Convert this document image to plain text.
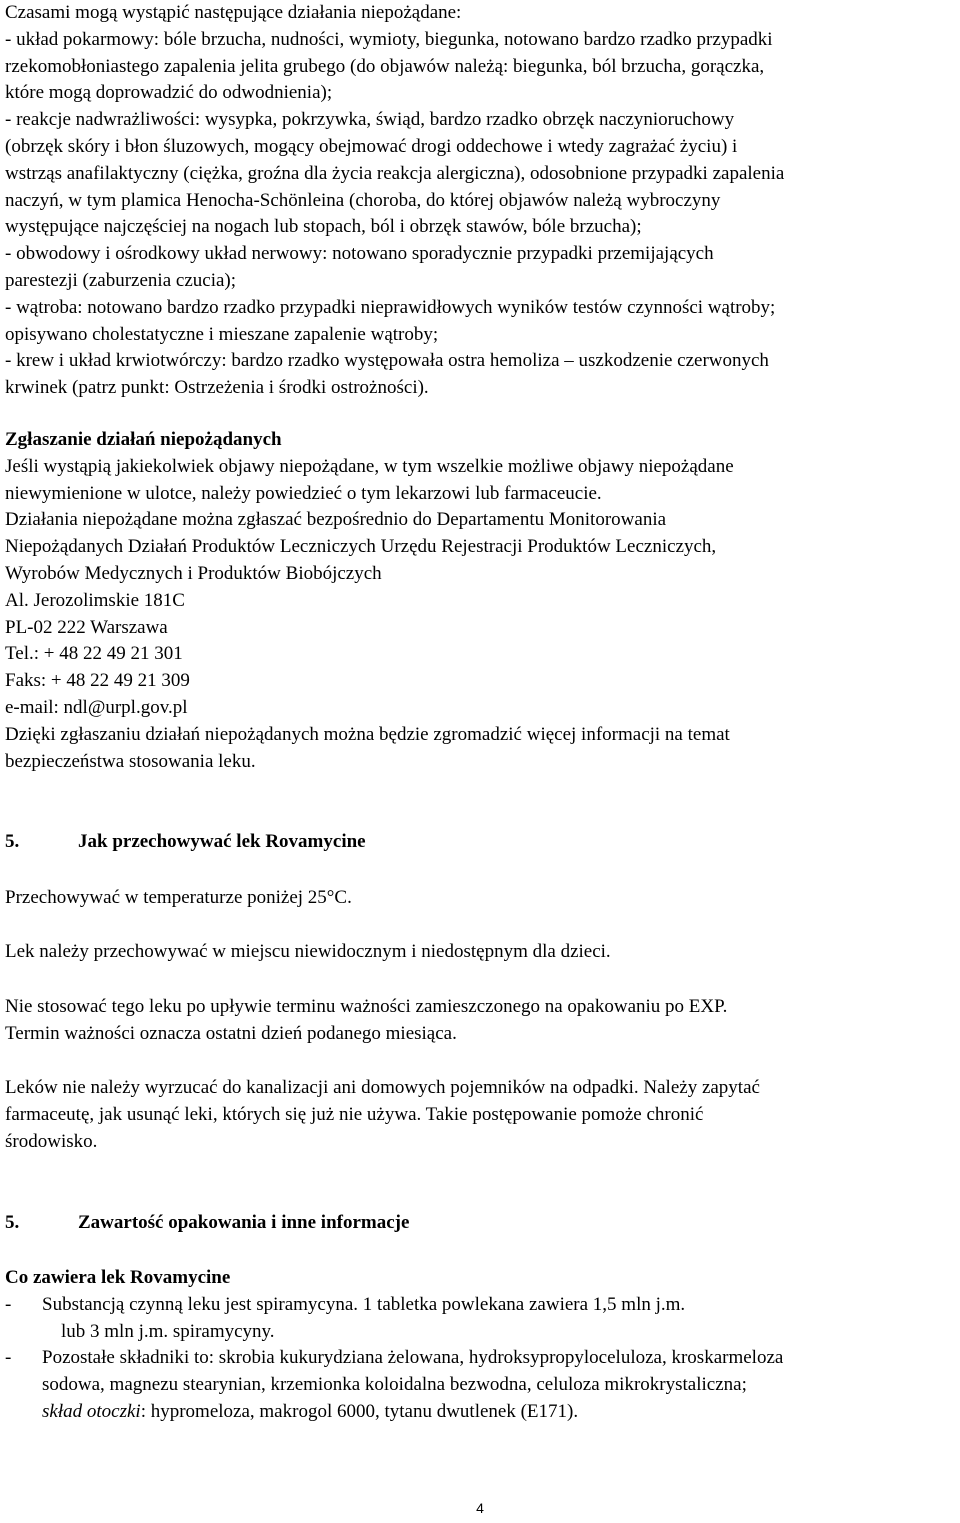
Czasami mogą wystąpić następujące działania niepożądane:
- układ pokarmowy: bóle brzucha, nudności, wymioty, biegunka, notowano bardzo rzadko przypadki
rzekomobłoniastego zapalenia jelita grubego (do objawów należą: biegunka, ból brzucha, gorączka,
które mogą doprowadzić do odwodnienia);
- reakcje nadwrażliwości: wysypka, pokrzywka, świąd, bardzo rzadko obrzęk naczynioruchowy
(obrzęk skóry i błon śluzowych, mogący obejmować drogi oddechowe i wtedy zagrażać życiu) i
wstrząs anafilaktyczny (ciężka, groźna dla życia reakcja alergiczna), odosobnione przypadki zapalenia
naczyń, w tym plamica Henocha-Schönleina (choroba, do której objawów należą wybroczyny
występujące najczęściej na nogach lub stopach, ból i obrzęk stawów, bóle brzucha);
- obwodowy i ośrodkowy układ nerwowy: notowano sporadycznie przypadki przemijających
parestezji (zaburzenia czucia);
- wątroba: notowano bardzo rzadko przypadki nieprawidłowych wyników testów czynności wątroby;
opisywano cholestatyczne i mieszane zapalenie wątroby;
- krew i układ krwiotwórczy: bardzo rzadko występowała ostra hemoliza – uszkodzenie czerwonych
krwinek (patrz punkt: Ostrzeżenia i środki ostrożności).
Zgłaszanie działań niepożądanych
Jeśli wystąpią jakiekolwiek objawy niepożądane, w tym wszelkie możliwe objawy niepożądane
niewymienione w ulotce, należy powiedzieć o tym lekarzowi lub farmaceucie.
Działania niepożądane można zgłaszać bezpośrednio do Departamentu Monitorowania
Niepożądanych Działań Produktów Leczniczych Urzędu Rejestracji Produktów Leczniczych,
Wyrobów Medycznych i Produktów Biobójczych
Al. Jerozolimskie 181C
PL-02 222 Warszawa
Tel.: + 48 22 49 21 301
Faks: + 48 22 49 21 309
e-mail: ndl@urpl.gov.pl
Dzięki zgłaszaniu działań niepożądanych można będzie zgromadzić więcej informacji na temat
bezpieczeństwa stosowania leku.
5.	Jak przechowywać lek Rovamycine
Przechowywać w temperaturze poniżej 25°C.
Lek należy przechowywać w miejscu niewidocznym i niedostępnym dla dzieci.
Nie stosować tego leku po upływie terminu ważności zamieszczonego na opakowaniu po EXP.
Termin ważności oznacza ostatni dzień podanego miesiąca.
Leków nie należy wyrzucać do kanalizacji ani domowych pojemników na odpadki. Należy zapytać
farmaceutę, jak usunąć leki, których się już nie używa. Takie postępowanie pomoże chronić
środowisko.
5.	Zawartość opakowania i inne informacje
Co zawiera lek Rovamycine
- Substancją czynną leku jest spiramycyna. 1 tabletka powlekana zawiera 1,5 mln j.m.
lub 3 mln j.m. spiramycyny.
- Pozostałe składniki to: skrobia kukurydziana żelowana, hydroksypropyloceluloza, kroskarmeloza
sodowa, magnezu stearynian, krzemionka koloidalna bezwodna, celuloza mikrokrystaliczna;
skład otoczki: hypromeloza, makrogol 6000, tytanu dwutlenek (E171).
4
